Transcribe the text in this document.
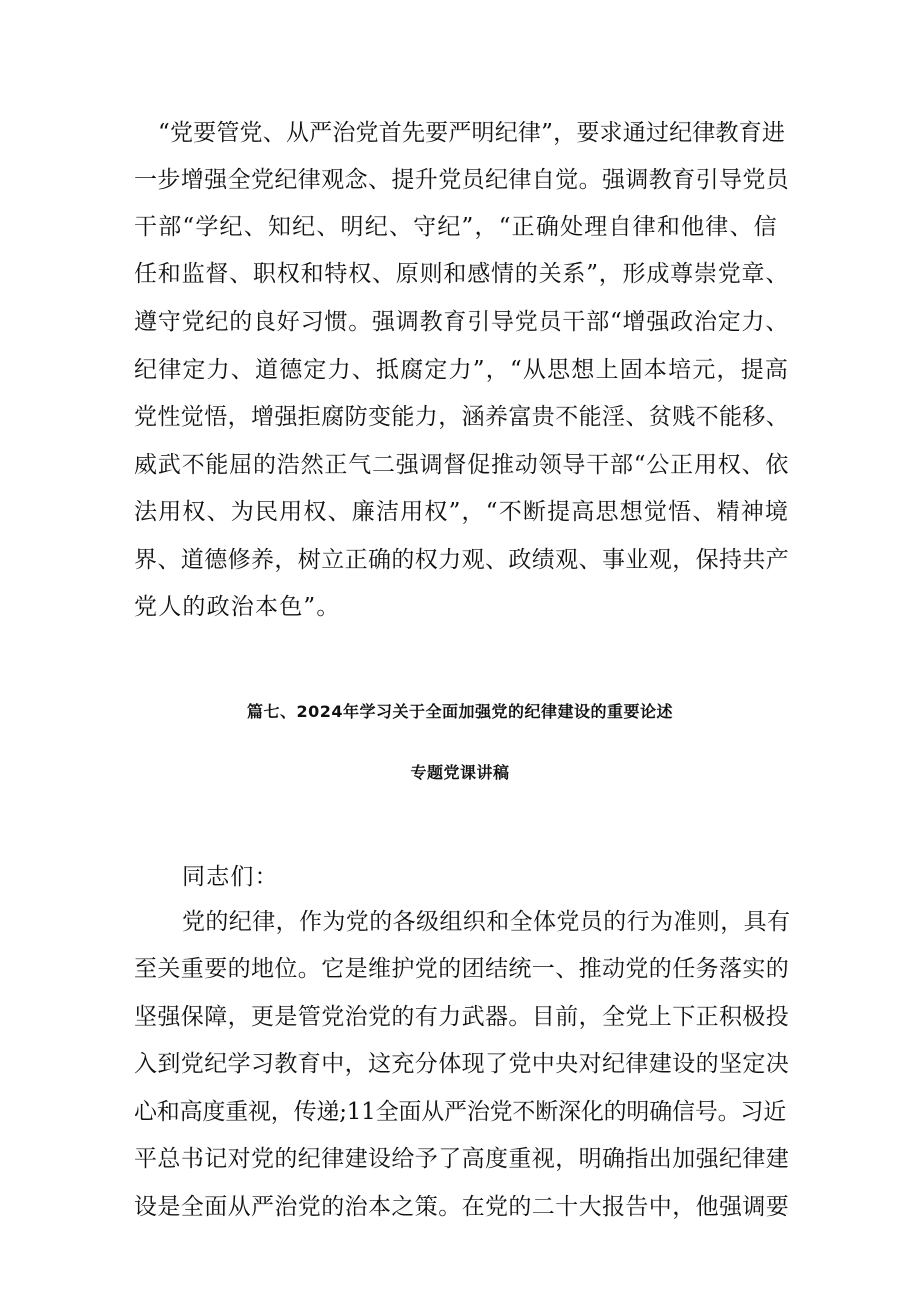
“党要管党、从严治党首先要严明纪律”，要求通过纪律教育进
一步增强全党纪律观念、提升党员纪律自觉。强调教育引导党员
干部“学纪、知纪、明纪、守纪”，“正确处理自律和他律、信
任和监督、职权和特权、原则和感情的关系”，形成尊崇党章、
遵守党纪的良好习惯。强调教育引导党员干部“增强政治定力、
纪律定力、道德定力、抵腐定力”，“从思想上固本培元，提高
党性觉悟，增强拒腐防变能力，涵养富贵不能淫、贫贱不能移、
威武不能屈的浩然正气二强调督促推动领导干部“公正用权、依
法用权、为民用权、廉洁用权”，“不断提高思想觉悟、精神境
界、道德修养，树立正确的权力观、政绩观、事业观，保持共产
党人的政治本色”。
篇七、2024年学习关于全面加强党的纪律建设的重要论述
专题党课讲稿
同志们：
党的纪律，作为党的各级组织和全体党员的行为准则，具有
至关重要的地位。它是维护党的团结统一、推动党的任务落实的
坚强保障，更是管党治党的有力武器。目前，全党上下正积极投
入到党纪学习教育中，这充分体现了党中央对纪律建设的坚定决
心和高度重视，传递;11全面从严治党不断深化的明确信号。习近
平总书记对党的纪律建设给予了高度重视，明确指出加强纪律建
设是全面从严治党的治本之策。在党的二十大报告中，他强调要
